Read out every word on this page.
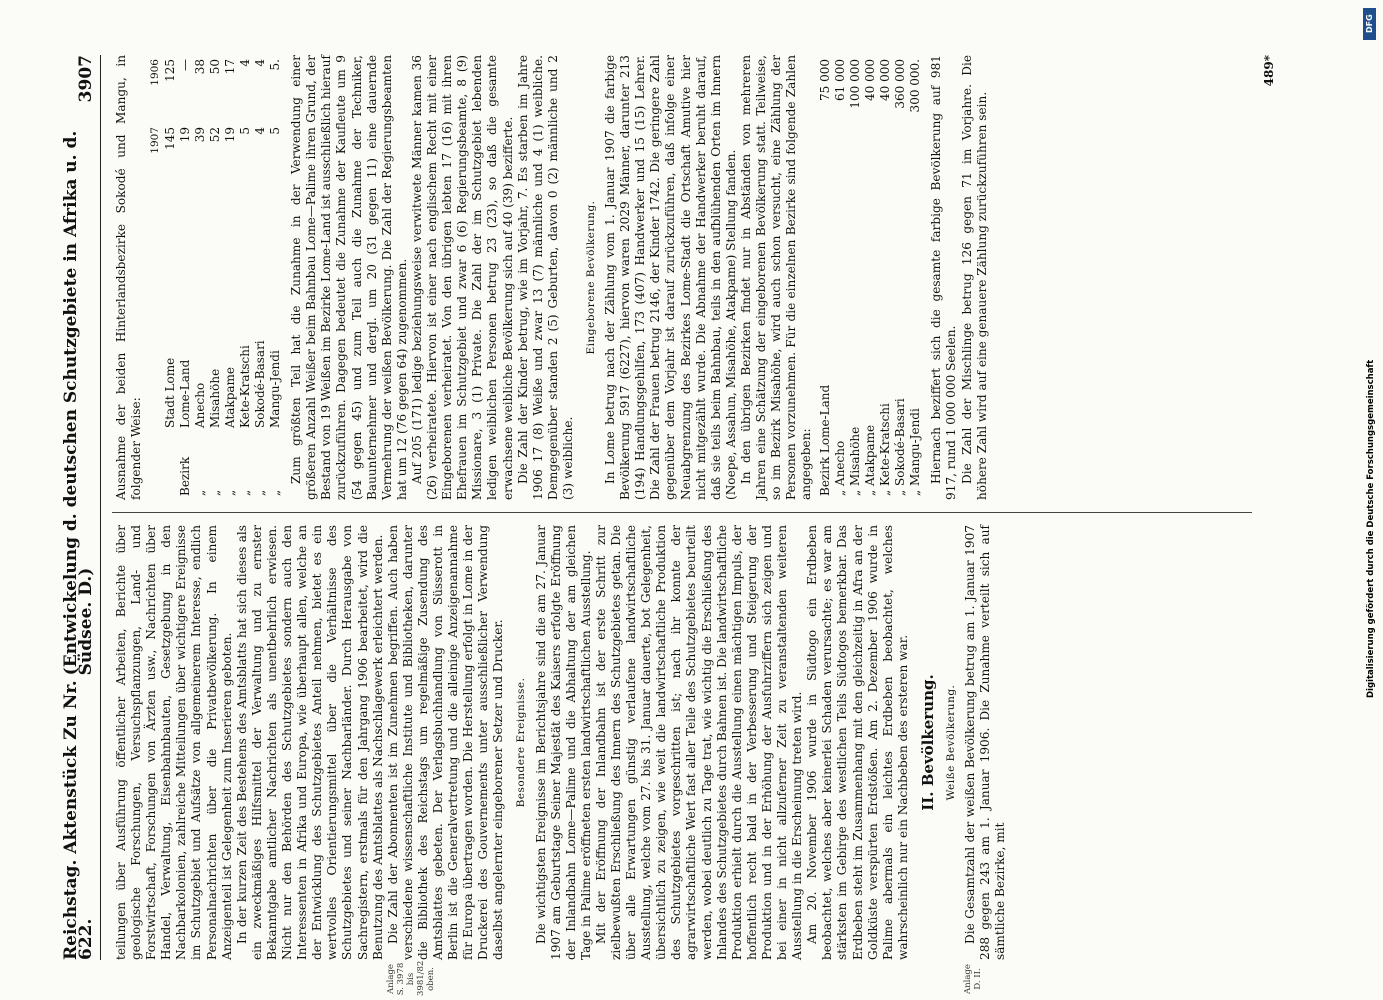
Reichstag. Aktenstück Zu Nr. 622.
(Entwickelung d. deutschen Schutzgebiete in Afrika u. d. Südsee. D.)
3907

teilungen über Ausführung öffentlicher Arbeiten, Berichte über geologische Forschungen, Versuchspflanzungen, Land- und Forstwirtschaft, Forschungen von Ärzten usw., Nachrichten über Handel, Verwaltung, Eisenbahnbauten, Gesetzgebung in den Nachbarkolonien, zahlreiche Mitteilungen über wichtigere Ereignisse im Schutzgebiet und Aufsätze von allgemeinerem Interesse, endlich Personalnachrichten über die Privatbevölkerung. In einem Anzeigenteil ist Gelegenheit zum Inserieren geboten. In der kurzen Zeit des Bestehens des Amtsblatts hat sich dieses als ein zweckmäßiges Hilfsmittel der Verwaltung und zu ernster Bekanntgabe amtlicher Nachrichten als unentbehrlich erwiesen. Nicht nur den Behörden des Schutzgebietes sondern auch den Interessenten in Afrika und Europa, wie überhaupt allen, welche an der Entwicklung des Schutzgebietes Anteil nehmen, bietet es ein wertvolles Orientierungsmittel über die Verhältnisse des Schutzgebietes und seiner Nachbarländer. Durch Herausgabe von Sachregistern, erstmals für den Jahrgang 1906 bearbeitet, wird die Benutzung des Amtsblattes als Nachschlagewerk erleichtert werden.

Anlage S. 3978 bis 3981/82 oben.

Die Zahl der Abonnenten ist im Zunehmen begriffen. Auch haben verschiedene wissenschaftliche Institute und Bibliotheken, darunter die Bibliothek des Reichstags um regelmäßige Zusendung des Amtsblattes gebeten. Der Verlagsbuchhandlung von Süsserott in Berlin ist die Generalvertretung und die alleinige Anzeigenannahme für Europa übertragen worden. Die Herstellung erfolgt in Lome in der Druckerei des Gouvernements unter ausschließlicher Verwendung daselbst angelernter eingeborener Setzer und Drucker. Besondere Ereignisse. Die wichtigsten Ereignisse im Berichtsjahre sind die am 27. Januar 1907 am Geburtstage Seiner Majestät des Kaisers erfolgte Eröffnung der Inlandbahn Lome—Palime und die Abhaltung der am gleichen Tage in Palime eröffneten ersten landwirtschaftlichen Ausstellung. Mit der Eröffnung der Inlandbahn ist der erste Schritt zur zielbewußten Erschließung des Innern des Schutzgebietes getan. Die über alle Erwartungen günstig verlaufene landwirtschaftliche Ausstellung, welche vom 27. bis 31. Januar dauerte, bot Gelegenheit, übersichtlich zu zeigen, wie weit die landwirtschaftliche Produktion des Schutzgebietes vorgeschritten ist; nach ihr konnte der agrarwirtschaftliche Wert fast aller Teile des Schutzgebietes beurteilt werden, wobei deutlich zu Tage trat, wie wichtig die Erschließung des Inlandes des Schutzgebietes durch Bahnen ist. Die landwirtschaftliche Produktion erhielt durch die Ausstellung einen mächtigen Impuls, der hoffentlich recht bald in der Verbesserung und Steigerung der Produktion und in der Erhöhung der Ausfuhrziffern sich zeigen und bei einer in nicht allzuferner Zeit zu veranstaltenden weiteren Ausstellung in die Erscheinung treten wird. Am 20. November 1906 wurde in Südtogo ein Erdbeben beobachtet, welches aber keinerlei Schaden verursachte; es war am stärksten im Gebirge des westlichen Teils Südtogos bemerkbar. Das Erdbeben steht im Zusammenhang mit den gleichzeitig in Afra an der Goldküste verspürten Erdstößen. Am 2. Dezember 1906 wurde in Palime abermals ein leichtes Erdbeben beobachtet, welches wahrscheinlich nur ein Nachbeben des ersteren war. II. Bevölkerung. Weiße Bevölkerung.
Anlage D. II.

Die Gesamtzahl der weißen Bevölkerung betrug am 1. Januar 1907 288 gegen 243 am 1. Januar 1906. Die Zunahme verteilt sich auf sämtliche Bezirke, mit

Ausnahme der beiden Hinterlandsbezirke Sokodé und Mangu, in folgender Weise:

		1907	1906
	Stadt Lome	145	125
Bezirk	Lome-Land	19	—
„	Anecho	39	38
„	Misahöhe	52	50
„	Atakpame	19	17
„	Kete-Kratschi	5	4
„	Sokodé-Basari	4	4
„	Mangu-Jendi	5	5. Zum größten Teil hat die Zunahme in der Verwendung einer größeren Anzahl Weißer beim Bahnbau Lome—Palime ihren Grund, der Bestand von 19 Weißen im Bezirke Lome-Land ist ausschließlich hierauf zurückzuführen. Dagegen bedeutet die Zunahme der Kaufleute um 9 (54 gegen 45) und zum Teil auch die Zunahme der Techniker, Bauunternehmer und dergl. um 20 (31 gegen 11) eine dauernde Vermehrung der weißen Bevölkerung. Die Zahl der Regierungsbeamten hat um 12 (76 gegen 64) zugenommen. Auf 205 (171) ledige beziehungsweise verwitwete Männer kamen 36 (26) verheiratete. Hiervon ist einer nach englischem Recht mit einer Eingeborenen verheiratet. Von den übrigen lebten 17 (16) mit ihren Ehefrauen im Schutzgebiet und zwar 6 (6) Regierungsbeamte, 8 (9) Missionare, 3 (1) Private. Die Zahl der im Schutzgebiet lebenden ledigen weiblichen Personen betrug 23 (23), so daß die gesamte erwachsene weibliche Bevölkerung sich auf 40 (39) bezifferte. Die Zahl der Kinder betrug, wie im Vorjahr, 7. Es starben im Jahre 1906 17 (8) Weiße und zwar 13 (7) männliche und 4 (1) weibliche. Demgegenüber standen 2 (5) Geburten, davon 0 (2) männliche und 2 (3) weibliche.

Eingeborene Bevölkerung. In Lome betrug nach der Zählung vom 1. Januar 1907 die farbige Bevölkerung 5917 (6227), hiervon waren 2029 Männer, darunter 213 (194) Handlungsgehilfen, 173 (407) Handwerker und 15 (15) Lehrer. Die Zahl der Frauen betrug 2146, der Kinder 1742. Die geringere Zahl gegenüber dem Vorjahr ist darauf zurückzuführen, daß infolge einer Neuabgrenzung des Bezirkes Lome-Stadt die Ortschaft Amutive hier nicht mitgezählt wurde. Die Abnahme der Handwerker beruht darauf, daß sie teils beim Bahnbau, teils in den aufblühenden Orten im Innern (Noepe, Assahun, Misahöhe, Atakpame) Stellung fanden. In den übrigen Bezirken findet nur in Abständen von mehreren Jahren eine Schätzung der eingeborenen Bevölkerung statt. Teilweise, so im Bezirk Misahöhe, wird auch schon versucht, eine Zählung der Personen vorzunehmen. Für die einzelnen Bezirke sind folgende Zahlen angegeben: Bezirk Lome-Land	75 000
„ Anecho	61 000
„ Misahöhe	100 000
„ Atakpame	40 000
„ Kete-Kratschi	40 000
„ Sokodé-Basari	360 000
„ Mangu-Jendi	300 000. Hiernach beziffert sich die gesamte farbige Bevölkerung auf 981 917, rund 1 000 000 Seelen. Die Zahl der Mischlinge betrug 126 gegen 71 im Vorjahre. Die höhere Zahl wird auf eine genauere Zählung zurückzuführen sein.

489*
DFG
Digitalisierung gefördert durch die Deutsche Forschungsgemeinschaft
